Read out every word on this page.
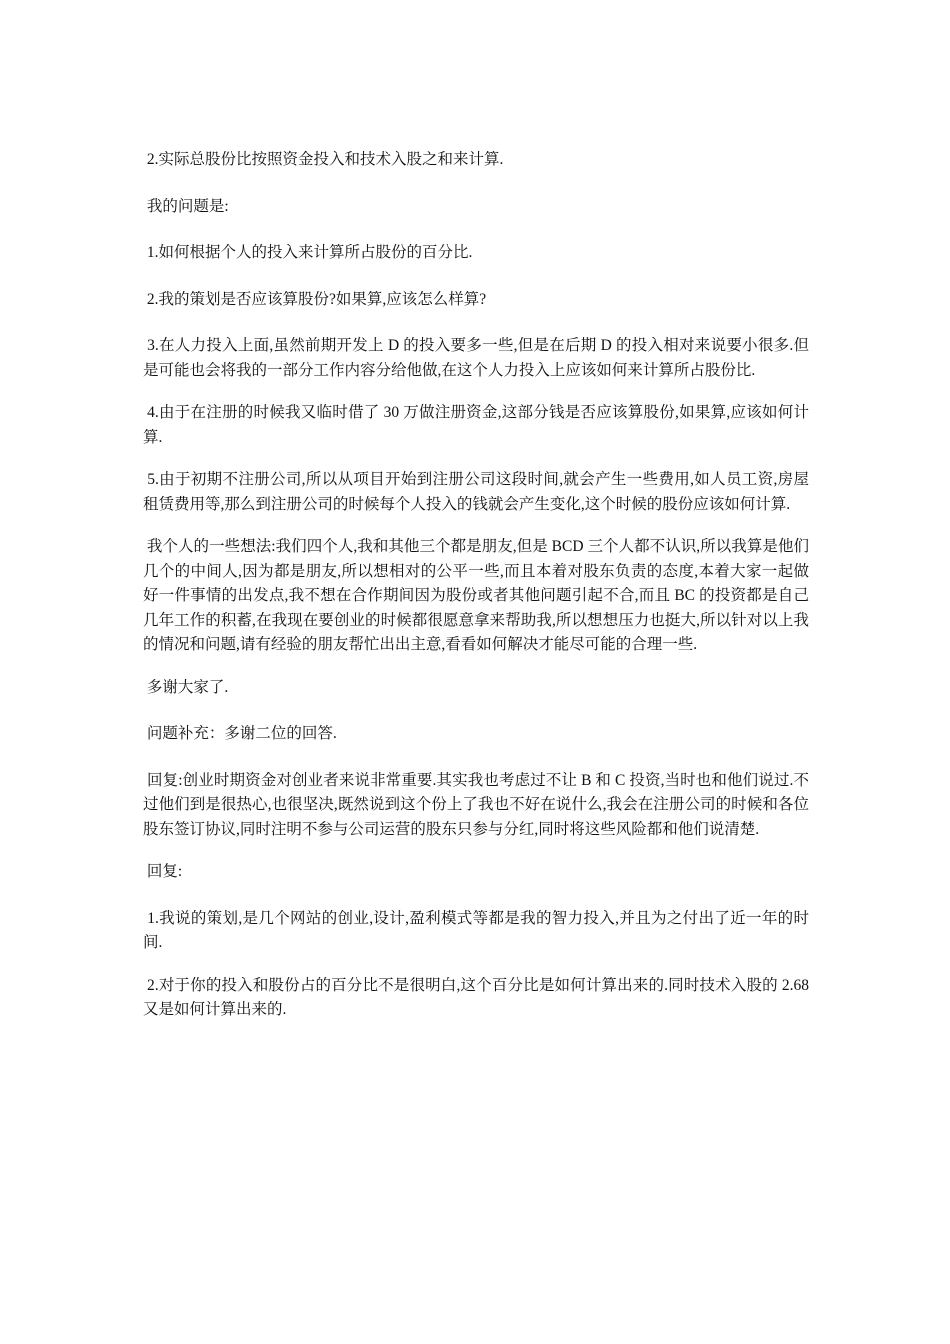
2.实际总股份比按照资金投入和技术入股之和来计算.

我的问题是:

1.如何根据个人的投入来计算所占股份的百分比.

2.我的策划是否应该算股份?如果算,应该怎么样算?

3.在人力投入上面,虽然前期开发上 D 的投入要多一些,但是在后期 D 的投入相对来说要小很多.但是可能也会将我的一部分工作内容分给他做,在这个人力投入上应该如何来计算所占股份比.

4.由于在注册的时候我又临时借了 30 万做注册资金,这部分钱是否应该算股份,如果算,应该如何计算.

5.由于初期不注册公司,所以从项目开始到注册公司这段时间,就会产生一些费用,如人员工资,房屋租赁费用等,那么到注册公司的时候每个人投入的钱就会产生变化,这个时候的股份应该如何计算.

我个人的一些想法:我们四个人,我和其他三个都是朋友,但是 BCD 三个人都不认识,所以我算是他们几个的中间人,因为都是朋友,所以想相对的公平一些,而且本着对股东负责的态度,本着大家一起做好一件事情的出发点,我不想在合作期间因为股份或者其他问题引起不合,而且 BC 的投资都是自己几年工作的积蓄,在我现在要创业的时候都很愿意拿来帮助我,所以想想压力也挺大,所以针对以上我的情况和问题,请有经验的朋友帮忙出出主意,看看如何解决才能尽可能的合理一些.

多谢大家了.

问题补充：多谢二位的回答.

回复:创业时期资金对创业者来说非常重要.其实我也考虑过不让 B 和 C 投资,当时也和他们说过.不过他们到是很热心,也很坚决,既然说到这个份上了我也不好在说什么,我会在注册公司的时候和各位股东签订协议,同时注明不参与公司运营的股东只参与分红,同时将这些风险都和他们说清楚.

回复:

1.我说的策划,是几个网站的创业,设计,盈利模式等都是我的智力投入,并且为之付出了近一年的时间.

2.对于你的投入和股份占的百分比不是很明白,这个百分比是如何计算出来的.同时技术入股的 2.68 又是如何计算出来的.
